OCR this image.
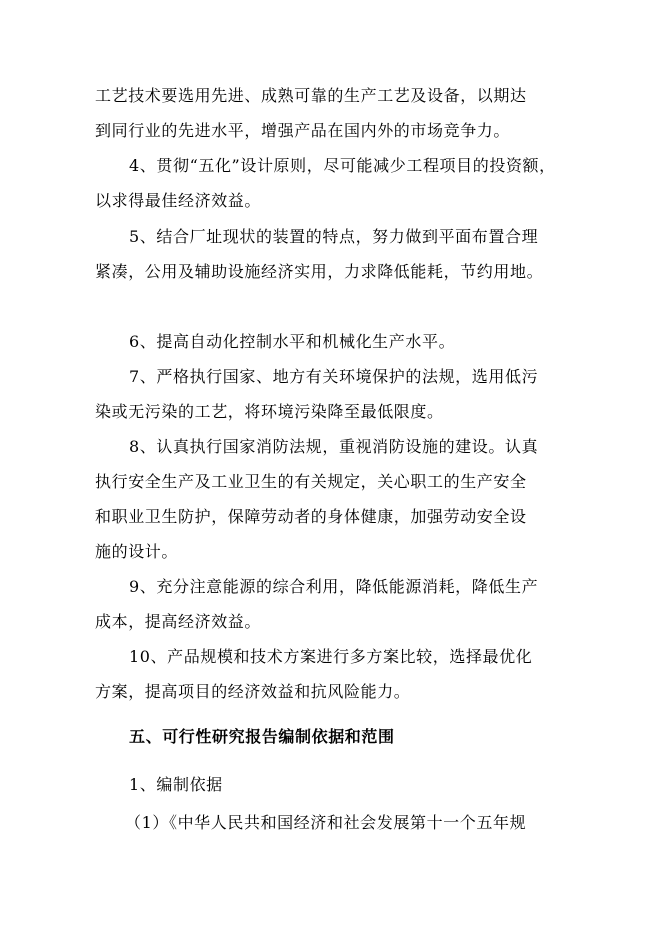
工艺技术要选用先进、成熟可靠的生产工艺及设备，以期达
到同行业的先进水平，增强产品在国内外的市场竞争力。
4、贯彻“五化”设计原则，尽可能减少工程项目的投资额，
以求得最佳经济效益。
5、结合厂址现状的装置的特点，努力做到平面布置合理
紧凑，公用及辅助设施经济实用，力求降低能耗，节约用地。
6、提高自动化控制水平和机械化生产水平。
7、严格执行国家、地方有关环境保护的法规，选用低污
染或无污染的工艺，将环境污染降至最低限度。
8、认真执行国家消防法规，重视消防设施的建设。认真
执行安全生产及工业卫生的有关规定，关心职工的生产安全
和职业卫生防护，保障劳动者的身体健康，加强劳动安全设
施的设计。
9、充分注意能源的综合利用，降低能源消耗，降低生产
成本，提高经济效益。
10、产品规模和技术方案进行多方案比较，选择最优化
方案，提高项目的经济效益和抗风险能力。
五、可行性研究报告编制依据和范围
1、编制依据
（1）《中华人民共和国经济和社会发展第十一个五年规
